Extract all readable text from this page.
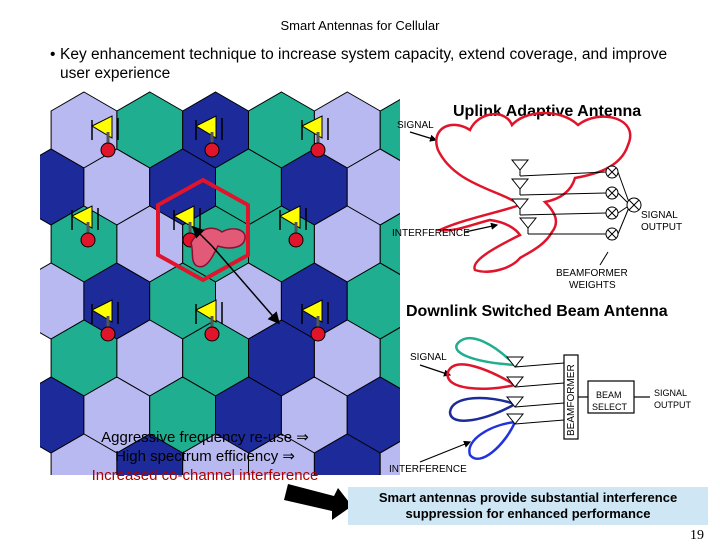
Smart Antennas for Cellular
• Key enhancement technique to increase system capacity, extend coverage, and improve user experience
Uplink Adaptive Antenna
SIGNAL
INTERFERENCE
SIGNAL
OUTPUT
BEAMFORMER
WEIGHTS
Downlink Switched Beam Antenna
SIGNAL
BEAMFORMER BEAM
SELECT
SIGNAL
OUTPUT
INTERFERENCE
Aggressive frequency re-use ⇒
High spectrum efficiency ⇒
Increased co-channel interference
Smart antennas provide substantial interference
suppression for enhanced performance
19
